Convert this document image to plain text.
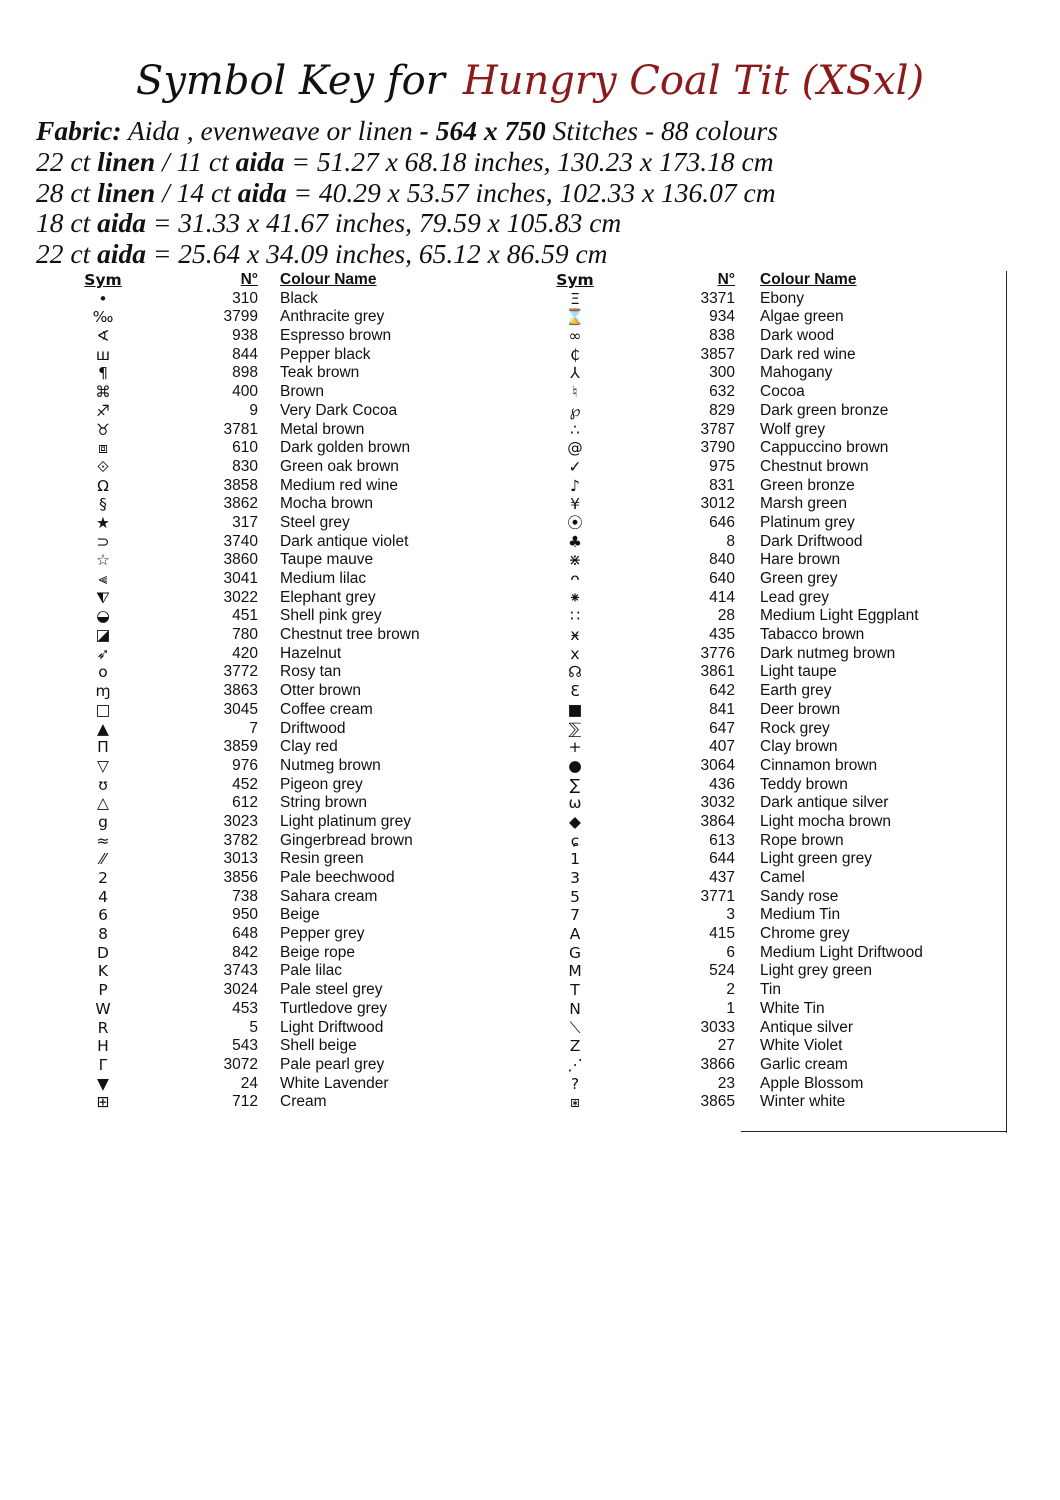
Symbol Key for Hungry Coal Tit (XSxl)
Fabric: Aida , evenweave or linen - 564 x 750 Stitches - 88 colours
22 ct linen / 11 ct aida = 51.27 x 68.18 inches, 130.23 x 173.18 cm
28 ct linen / 14 ct aida = 40.29 x 53.57 inches, 102.33 x 136.07 cm
18 ct aida = 31.33 x 41.67 inches, 79.59 x 105.83 cm
22 ct aida = 25.64 x 34.09 inches, 65.12 x 86.59 cm
Sym	N° Colour Name
•	310 Black
‰	3799 Anthracite grey
∢	938 Espresso brown
ш	844 Pepper black
¶	898 Teak brown
⌘	400 Brown
♐	9 Very Dark Cocoa
♉	3781 Metal brown
⧈	610 Dark golden brown
⟐	830 Green oak brown
Ω	3858 Medium red wine
§	3862 Mocha brown
★	317 Steel grey
⊃	3740 Dark antique violet
☆	3860 Taupe mauve
⫷	3041 Medium lilac
⧨	3022 Elephant grey
◒	451 Shell pink grey
◪	780 Chestnut tree brown
➶	420 Hazelnut
o	3772 Rosy tan
ɱ	3863 Otter brown
□	3045 Coffee cream
▲	7 Driftwood
Π	3859 Clay red
▽	976 Nutmeg brown
ʊ	452 Pigeon grey
△	612 String brown
g	3023 Light platinum grey
≈	3782 Gingerbread brown
⁄⁄	3013 Resin green
2	3856 Pale beechwood
4	738 Sahara cream
6	950 Beige
8	648 Pepper grey
D	842 Beige rope
K	3743 Pale lilac
P	3024 Pale steel grey
W	453 Turtledove grey
R	5 Light Driftwood
H	543 Shell beige
Γ	3072 Pale pearl grey
▼	24 White Lavender
⊞	712 Cream
Sym	N° Colour Name
Ξ	3371 Ebony
⌛	934 Algae green
∞	838 Dark wood
₵	3857 Dark red wine
⅄	300 Mahogany
♮	632 Cocoa
℘	829 Dark green bronze
∴	3787 Wolf grey
@	3790 Cappuccino brown
✓	975 Chestnut brown
♪	831 Green bronze
¥	3012 Marsh green
⦿	646 Platinum grey
♣	8 Dark Driftwood
⋇	840 Hare brown
ᴖ	640 Green grey
⁕	414 Lead grey
∷	28 Medium Light Eggplant
ӿ	435 Tabacco brown
x	3776 Dark nutmeg brown
☊	3861 Light taupe
Ɛ	642 Earth grey
■	841 Deer brown
⅀	647 Rock grey
+	407 Clay brown
●	3064 Cinnamon brown
∑	436 Teddy brown
ω	3032 Dark antique silver
◆	3864 Light mocha brown
ɕ	613 Rope brown
1	644 Light green grey
3	437 Camel
5	3771 Sandy rose
7	3 Medium Tin
A	415 Chrome grey
G	6 Medium Light Driftwood
M	524 Light grey green
T	2 Tin
N	1 White Tin
⟍	3033 Antique silver
Z	27 White Violet
⋰	3866 Garlic cream
?	23 Apple Blossom
⧆	3865 Winter white
